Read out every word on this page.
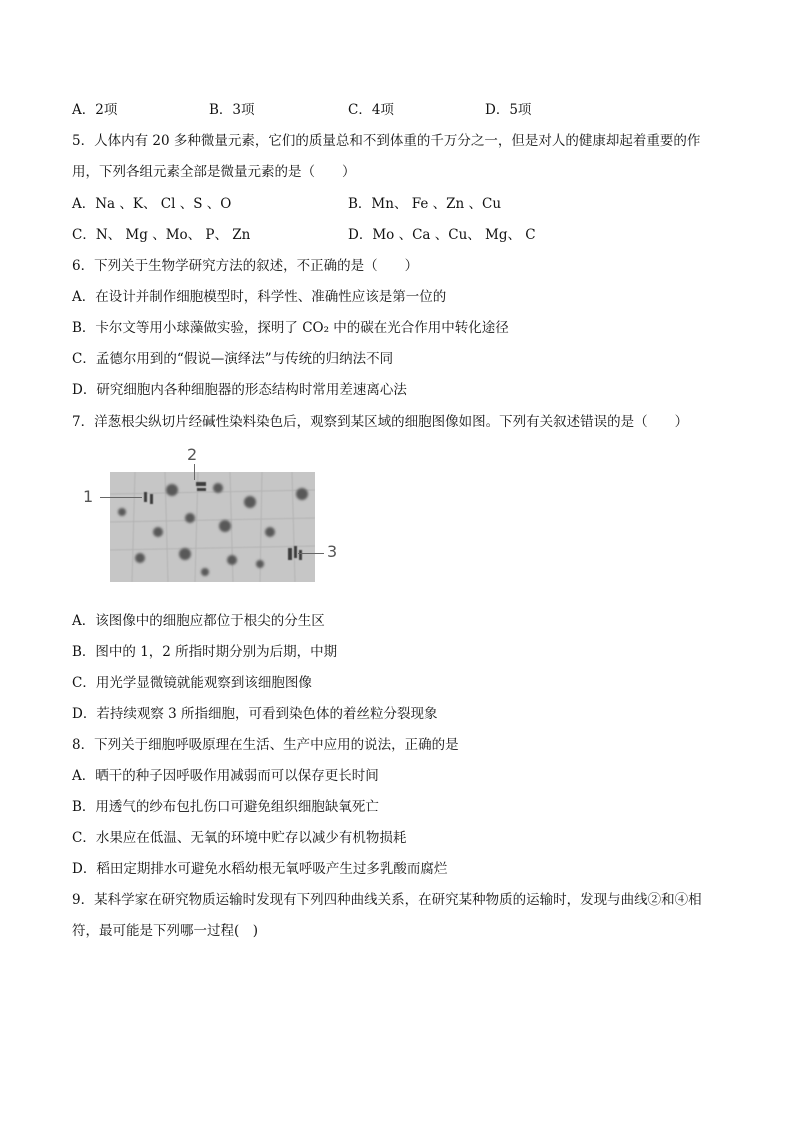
A．2项	B．3项	C．4项	D．5项
5．人体内有 20 多种微量元素，它们的质量总和不到体重的千万分之一，但是对人的健康却起着重要的作
用，下列各组元素全部是微量元素的是（　　）
A．Na 、K、 Cl 、S 、O	B．Mn、 Fe 、Zn 、Cu
C．N、 Mg 、Mo、 P、 Zn	D．Mo 、Ca 、Cu、 Mg、 C
6．下列关于生物学研究方法的叙述，不正确的是（　　）
A．在设计并制作细胞模型时，科学性、准确性应该是第一位的
B．卡尔文等用小球藻做实验，探明了 CO₂ 中的碳在光合作用中转化途径
C．孟德尔用到的“假说—演绎法”与传统的归纳法不同
D．研究细胞内各种细胞器的形态结构时常用差速离心法
7．洋葱根尖纵切片经碱性染料染色后，观察到某区域的细胞图像如图。下列有关叙述错误的是（　　）
1
2
3
A．该图像中的细胞应都位于根尖的分生区
B．图中的 1，2 所指时期分别为后期，中期
C．用光学显微镜就能观察到该细胞图像
D．若持续观察 3 所指细胞，可看到染色体的着丝粒分裂现象
8．下列关于细胞呼吸原理在生活、生产中应用的说法，正确的是
A．晒干的种子因呼吸作用减弱而可以保存更长时间
B．用透气的纱布包扎伤口可避免组织细胞缺氧死亡
C．水果应在低温、无氧的环境中贮存以减少有机物损耗
D．稻田定期排水可避免水稻幼根无氧呼吸产生过多乳酸而腐烂
9．某科学家在研究物质运输时发现有下列四种曲线关系，在研究某种物质的运输时，发现与曲线②和④相
符，最可能是下列哪一过程(　)
